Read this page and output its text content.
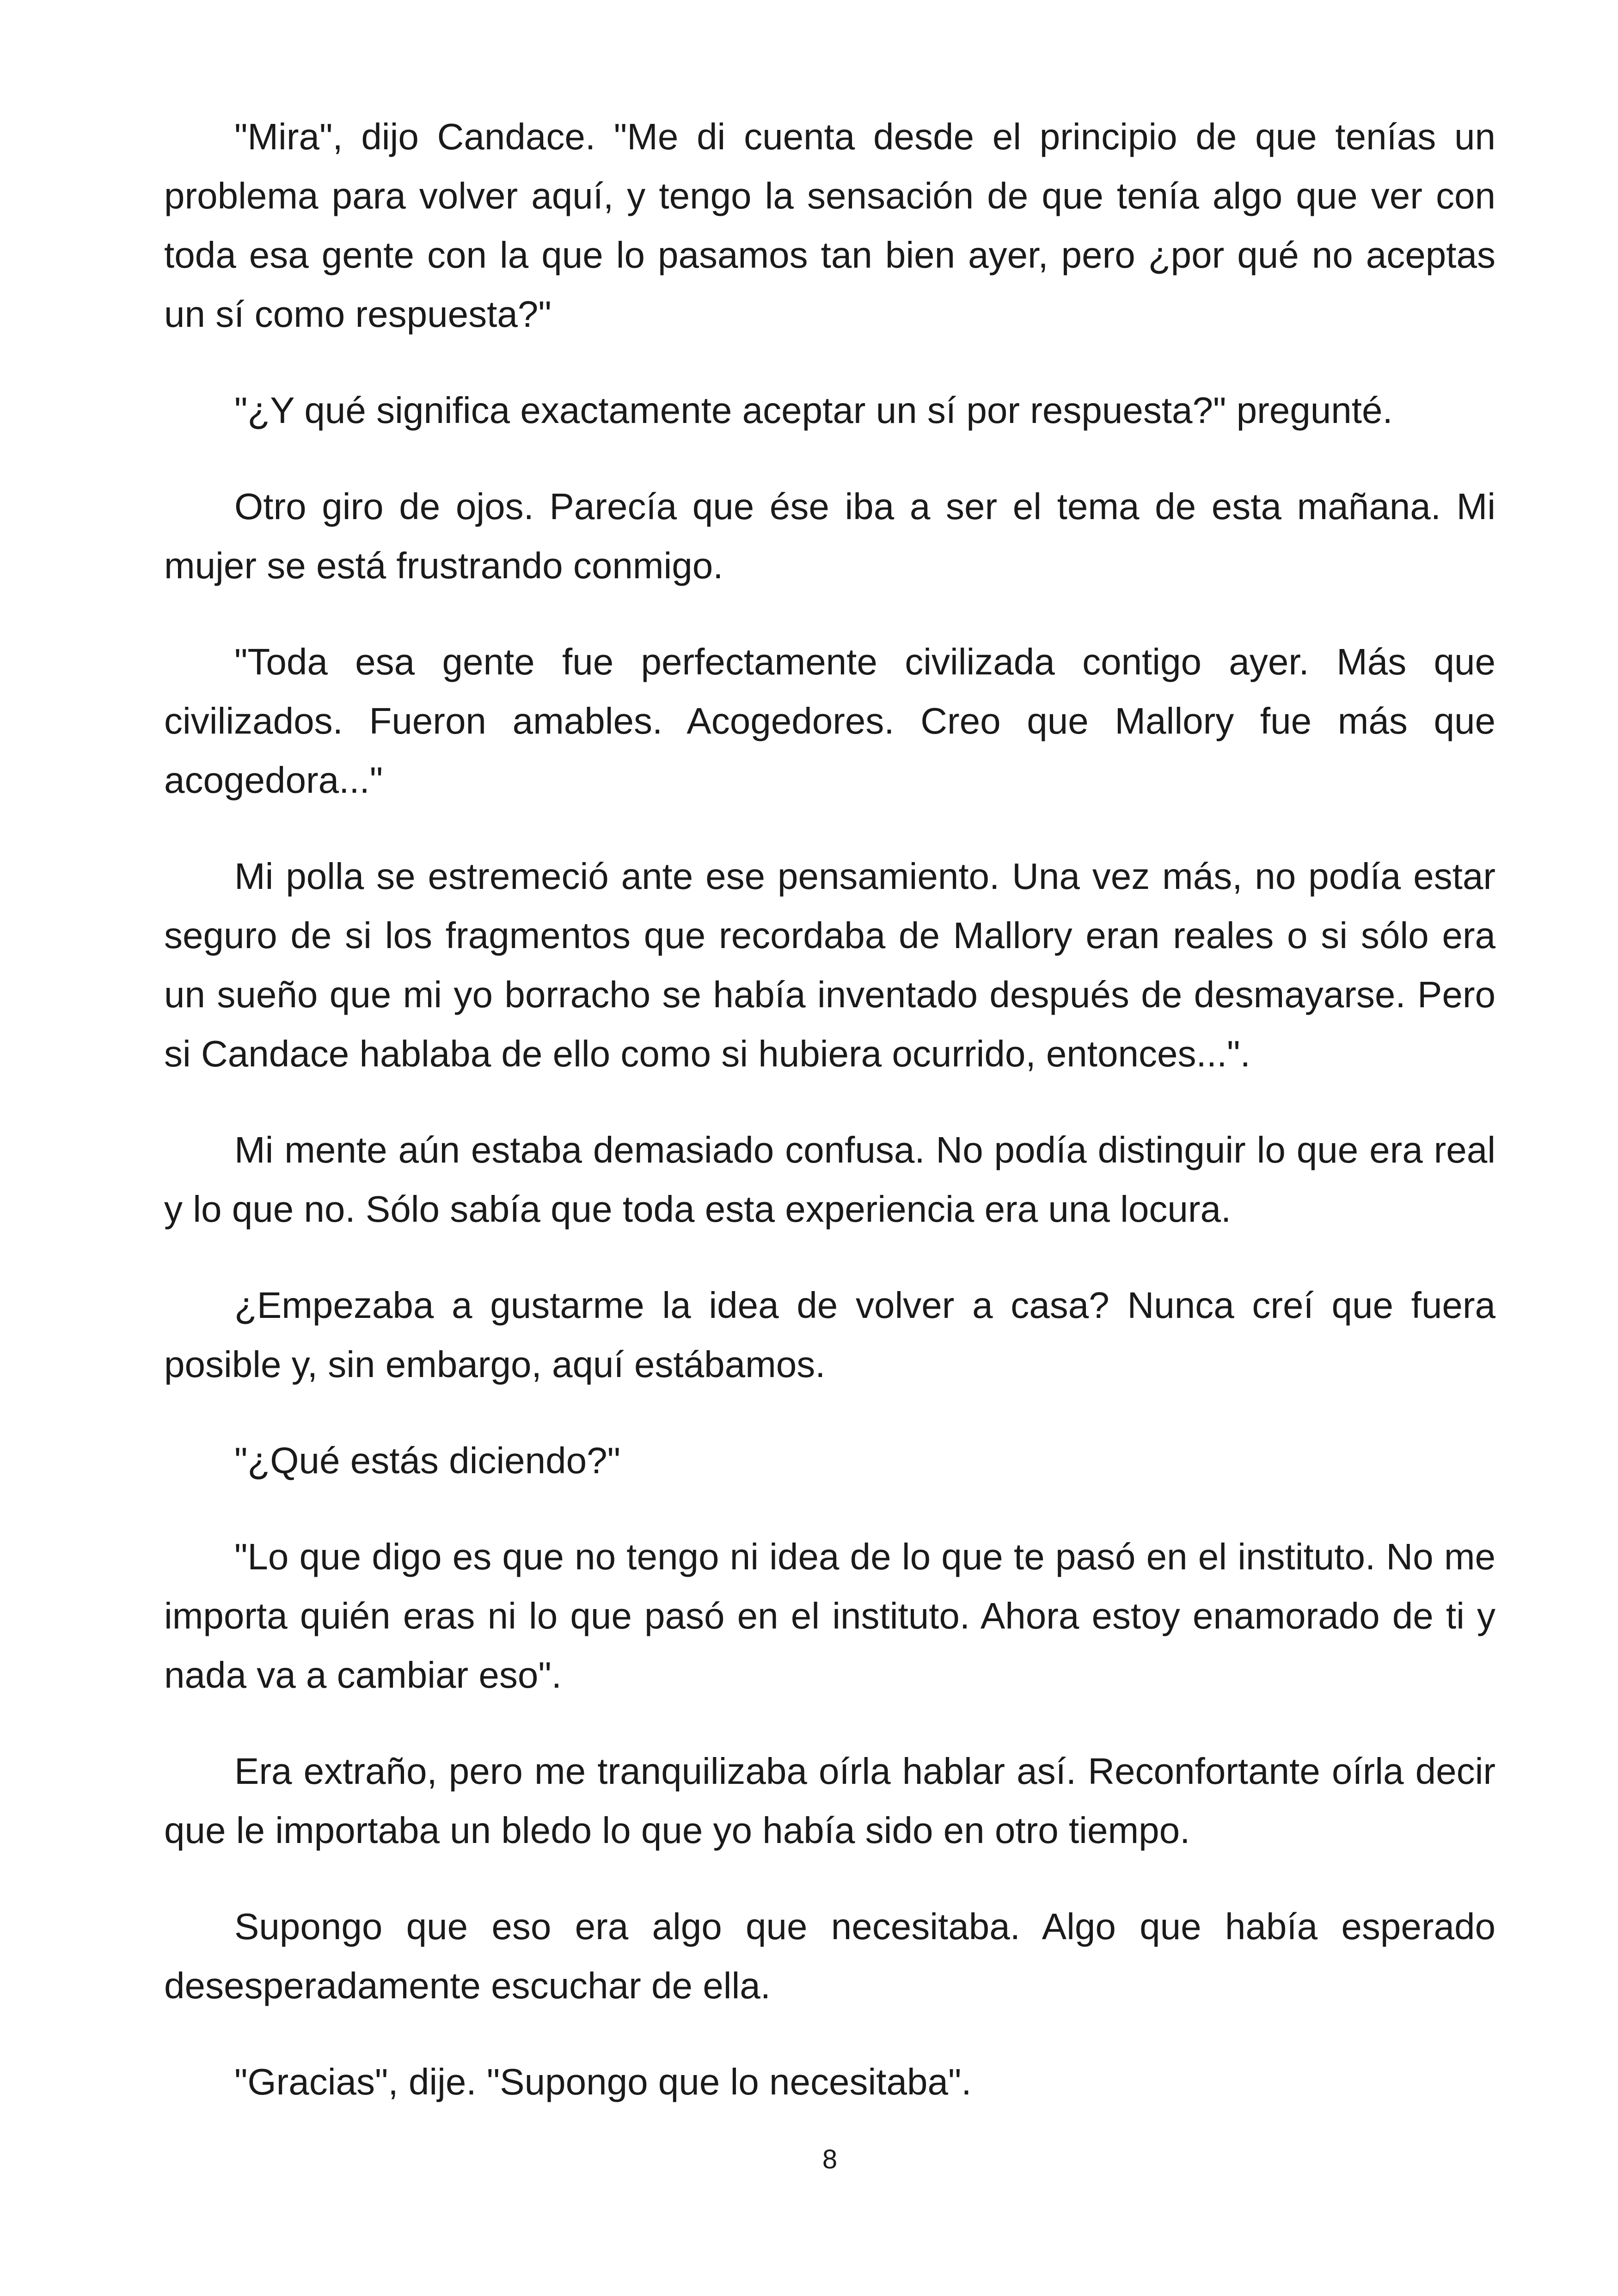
"Mira", dijo Candace. "Me di cuenta desde el principio de que tenías un problema para volver aquí, y tengo la sensación de que tenía algo que ver con toda esa gente con la que lo pasamos tan bien ayer, pero ¿por qué no aceptas un sí como respuesta?"

"¿Y qué significa exactamente aceptar un sí por respuesta?" pregunté.

Otro giro de ojos. Parecía que ése iba a ser el tema de esta mañana. Mi mujer se está frustrando conmigo.

"Toda esa gente fue perfectamente civilizada contigo ayer. Más que civilizados. Fueron amables. Acogedores. Creo que Mallory fue más que acogedora..."

Mi polla se estremeció ante ese pensamiento. Una vez más, no podía estar seguro de si los fragmentos que recordaba de Mallory eran reales o si sólo era un sueño que mi yo borracho se había inventado después de desmayarse. Pero si Candace hablaba de ello como si hubiera ocurrido, entonces...".

Mi mente aún estaba demasiado confusa. No podía distinguir lo que era real y lo que no. Sólo sabía que toda esta experiencia era una locura.

¿Empezaba a gustarme la idea de volver a casa? Nunca creí que fuera posible y, sin embargo, aquí estábamos.

"¿Qué estás diciendo?"

"Lo que digo es que no tengo ni idea de lo que te pasó en el instituto. No me importa quién eras ni lo que pasó en el instituto. Ahora estoy enamorado de ti y nada va a cambiar eso".

Era extraño, pero me tranquilizaba oírla hablar así. Reconfortante oírla decir que le importaba un bledo lo que yo había sido en otro tiempo.

Supongo que eso era algo que necesitaba. Algo que había esperado desesperadamente escuchar de ella.

"Gracias", dije. "Supongo que lo necesitaba".

8
